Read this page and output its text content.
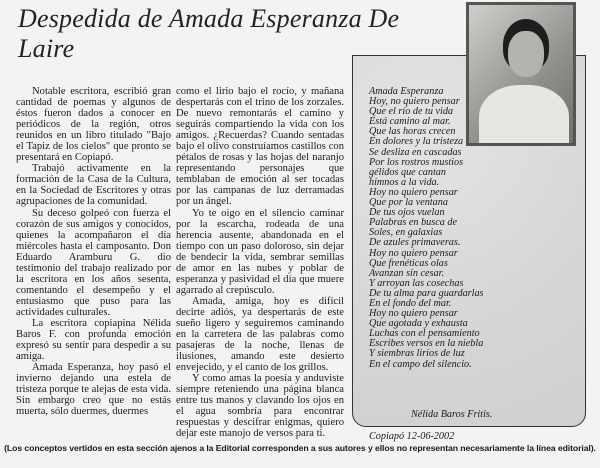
Despedida de Amada Esperanza De Laire

Notable escritora, escribió gran cantidad de poemas y algunos de éstos fueron dados a conocer en periódicos de la región, otros reunidos en un libro titulado "Bajo el Tapiz de los cielos" que pronto se presentará en Copiapó.

Trabajó activamente en la formación de la Casa de la Cultura, en la Sociedad de Escritores y otras agrupaciones de la comunidad.

Su deceso golpeó con fuerza el corazón de sus amigos y conocidos, quienes la acompañaron el día miércoles hasta el camposanto. Don Eduardo Aramburu G. dio testimonio del trabajo realizado por la escritora en los años sesenta, comentando el desempeño y el entusiasmo que puso para las actividades culturales.

La escritora copiapina Nélida Baros F. con profunda emoción expresó su sentir para despedir a su amiga.

Amada Esperanza, hoy pasó el invierno dejando una estela de tristeza porque te alejas de esta vida. Sin embargo creo que no estás muerta, sólo duermes, duermes

como el lirio bajo el rocío, y mañana despertarás con el trino de los zorzales. De nuevo remontarás el camino y seguirás compartiendo la vida con los amigos. ¿Recuerdas? Cuando sentadas bajo el olivo construíamos castillos con pétalos de rosas y las hojas del naranjo representando personajes que temblaban de emoción al ser tocadas por las campanas de luz derramadas por un ángel.

Yo te oigo en el silencio caminar por la escarcha, rodeada de una herencia ausente, abandonada en el tiempo con un paso doloroso, sin dejar de bendecir la vida, sembrar semillas de amor en las nubes y poblar de esperanza y pasividad el día que muere agarrado al crepúsculo.

Amada, amiga, hoy es difícil decirte adiós, ya despertarás de este sueño ligero y seguiremos caminando en la carretera de las palabras como pasajeras de la noche, llenas de ilusiones, amando este desierto envejecido, y el canto de los grillos.

Y como amas la poesía y anduviste siempre reteniendo una página blanca entre tus manos y clavando los ojos en el agua sombría para encontrar respuestas y descifrar enigmas, quiero dejar este manojo de versos para ti.

Amada Esperanza
Hoy, no quiero pensar
Que el río de tu vida
Está camino al mar.
Que las horas crecen
En dolores y la tristeza
Se desliza en cascadas
Por los rostros mustios
gélidos que cantan
himnos a la vida.
Hoy no quiero pensar
Que por la ventana
De tus ojos vuelan
Palabras en busca de
Soles, en galaxias
De azules primaveras.
Hoy no quiero pensar
Que frenéticas olas
Avanzan sin cesar.
Y arroyan las cosechas
De tu alma para guardarlas
En el fondo del mar.
Hoy no quiero pensar
Que agotada y exhausta
Luchas con el pensamiento
Escribes versos en la niebla
Y siembras lirios de luz
En el campo del silencio.
Nélida Baros Fritis.
Copiapó 12-06-2002
(Los conceptos vertidos en esta sección ajenos a la Editorial corresponden a sus autores y ellos no representan necesariamente la línea editorial).
